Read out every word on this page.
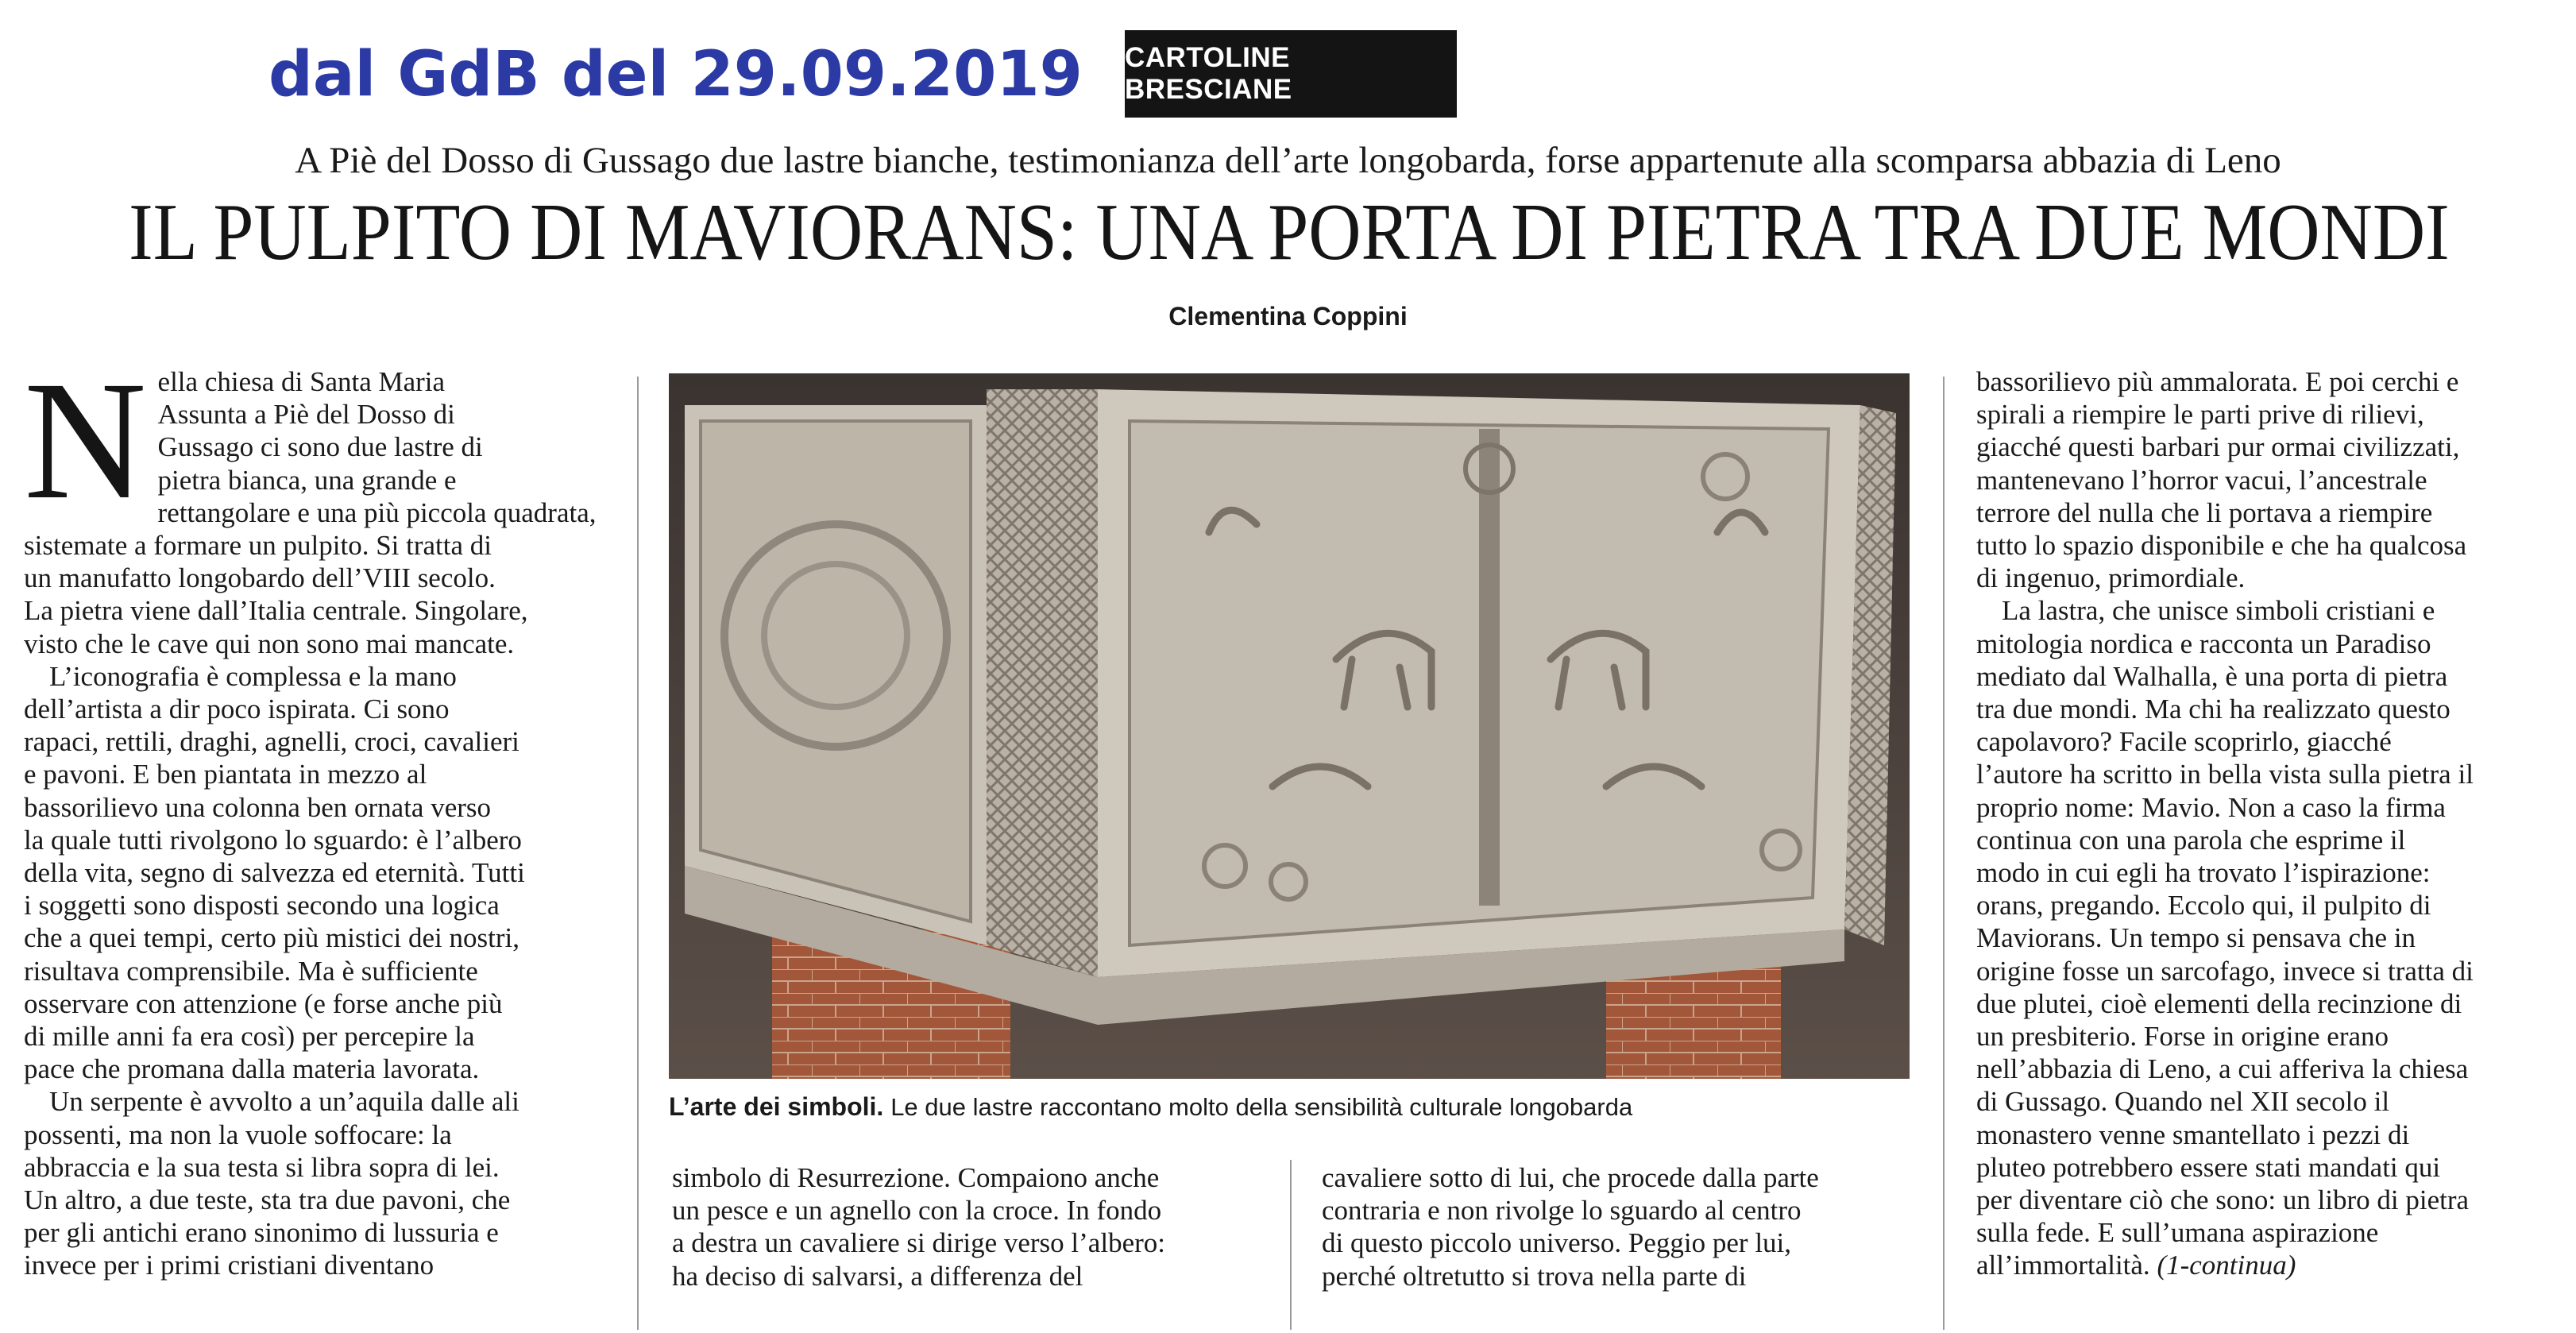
dal GdB del 29.09.2019 CARTOLINE BRESCIANE
A Piè del Dosso di Gussago due lastre bianche, testimonianza dell’arte longobarda, forse appartenute alla scomparsa abbazia di Leno
IL PULPITO DI MAVIORANS: UNA PORTA DI PIETRA TRA DUE MONDI
Clementina Coppini
N ella chiesa di Santa Maria

Assunta a Piè del Dosso di

Gussago ci sono due lastre di

pietra bianca, una grande e

rettangolare e una più piccola quadrata,

sistemate a formare un pulpito. Si tratta di

un manufatto longobardo dell’VIII secolo.

La pietra viene dall’Italia centrale. Singolare,

visto che le cave qui non sono mai mancate.

L’iconografia è complessa e la mano

dell’artista a dir poco ispirata. Ci sono

rapaci, rettili, draghi, agnelli, croci, cavalieri

e pavoni. E ben piantata in mezzo al

bassorilievo una colonna ben ornata verso

la quale tutti rivolgono lo sguardo: è l’albero

della vita, segno di salvezza ed eternità. Tutti

i soggetti sono disposti secondo una logica

che a quei tempi, certo più mistici dei nostri,

risultava comprensibile. Ma è sufficiente

osservare con attenzione (e forse anche più

di mille anni fa era così) per percepire la

pace che promana dalla materia lavorata.

Un serpente è avvolto a un’aquila dalle ali

possenti, ma non la vuole soffocare: la

abbraccia e la sua testa si libra sopra di lei.

Un altro, a due teste, sta tra due pavoni, che

per gli antichi erano sinonimo di lussuria e

invece per i primi cristiani diventano

L’arte dei simboli. Le due lastre raccontano molto della sensibilità culturale longobarda

simbolo di Resurrezione. Compaiono anche

un pesce e un agnello con la croce. In fondo

a destra un cavaliere si dirige verso l’albero:

ha deciso di salvarsi, a differenza del

cavaliere sotto di lui, che procede dalla parte

contraria e non rivolge lo sguardo al centro

di questo piccolo universo. Peggio per lui,

perché oltretutto si trova nella parte di

bassorilievo più ammalorata. E poi cerchi e

spirali a riempire le parti prive di rilievi,

giacché questi barbari pur ormai civilizzati,

mantenevano l’horror vacui, l’ancestrale

terrore del nulla che li portava a riempire

tutto lo spazio disponibile e che ha qualcosa

di ingenuo, primordiale.

La lastra, che unisce simboli cristiani e

mitologia nordica e racconta un Paradiso

mediato dal Walhalla, è una porta di pietra

tra due mondi. Ma chi ha realizzato questo

capolavoro? Facile scoprirlo, giacché

l’autore ha scritto in bella vista sulla pietra il

proprio nome: Mavio. Non a caso la firma

continua con una parola che esprime il

modo in cui egli ha trovato l’ispirazione:

orans, pregando. Eccolo qui, il pulpito di

Maviorans. Un tempo si pensava che in

origine fosse un sarcofago, invece si tratta di

due plutei, cioè elementi della recinzione di

un presbiterio. Forse in origine erano

nell’abbazia di Leno, a cui afferiva la chiesa

di Gussago. Quando nel XII secolo il

monastero venne smantellato i pezzi di

pluteo potrebbero essere stati mandati qui

per diventare ciò che sono: un libro di pietra

sulla fede. E sull’umana aspirazione

all’immortalità. (1-continua)
